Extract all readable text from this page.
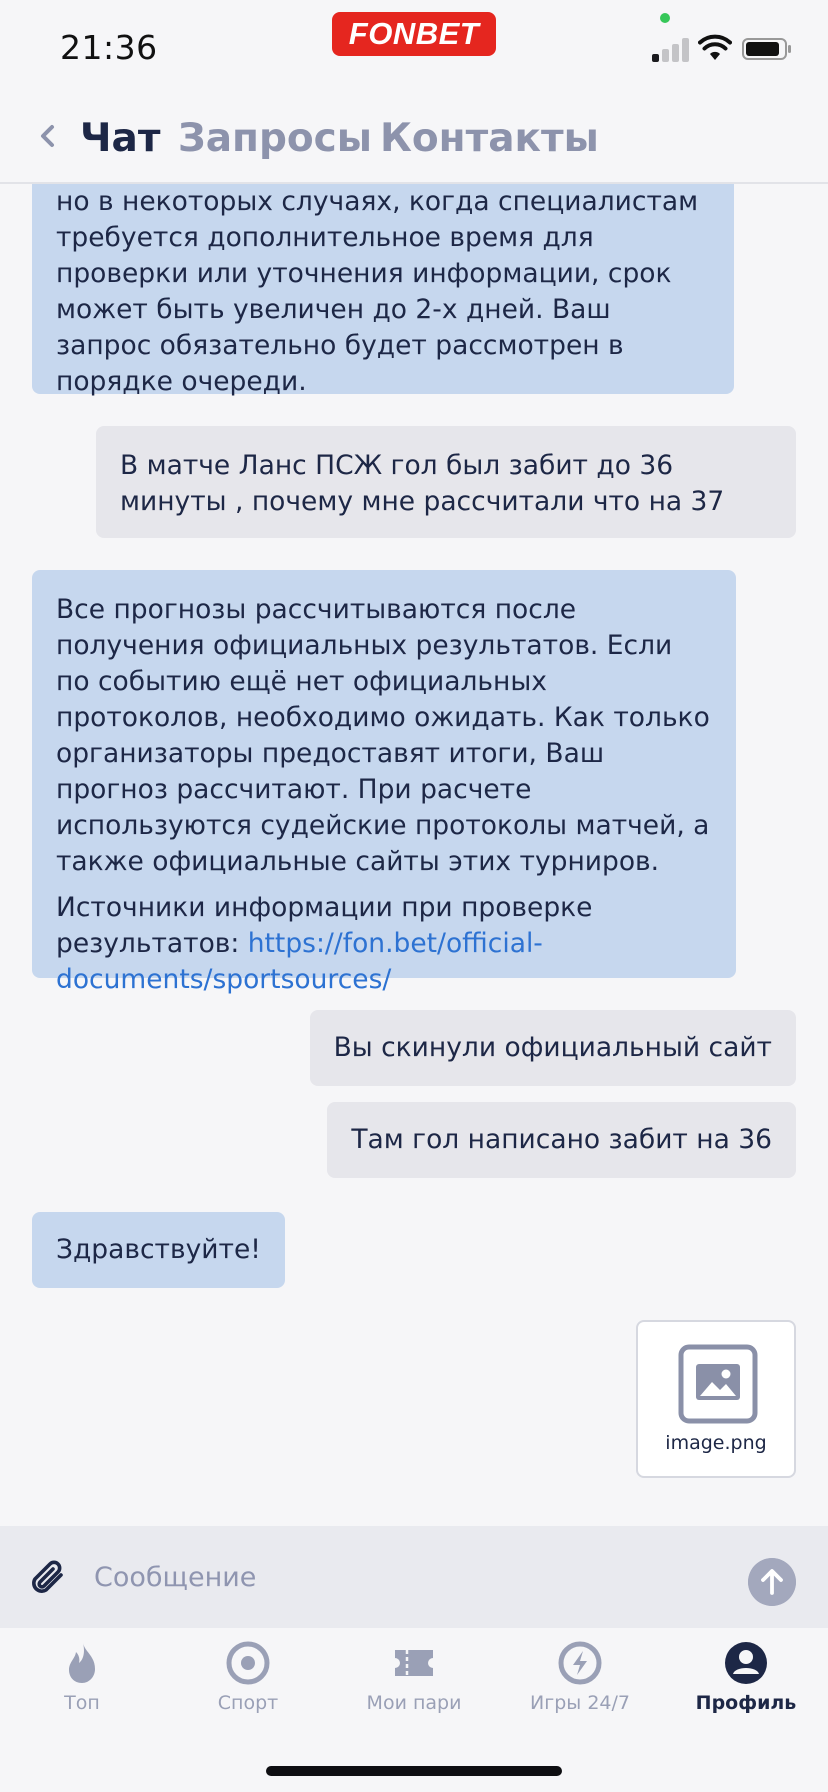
21:36	FONBET
Чат Запросы Контакты

но в некоторых случаях, когда специалистам требуется дополнительное время для проверки или уточнения информации, срок может быть увеличен до 2-х дней. Ваш запрос обязательно будет рассмотрен в порядке очереди.

В матче Ланс ПСЖ гол был забит до 36 минуты , почему мне рассчитали что на 37

Все прогнозы рассчитываются после получения официальных результатов. Если по событию ещё нет официальных протоколов, необходимо ожидать. Как только организаторы предоставят итоги, Ваш прогноз рассчитают. При расчете используются судейские протоколы матчей, а также официальные сайты этих турниров.

Источники информации при проверке результатов: https://fon.bet/official-documents/sportsources/

Вы скинули официальный сайт

Там гол написано забит на 36

Здравствуйте!

image.png
Сообщение
Топ	Спорт	Мои пари	Игры 24/7	Профиль
